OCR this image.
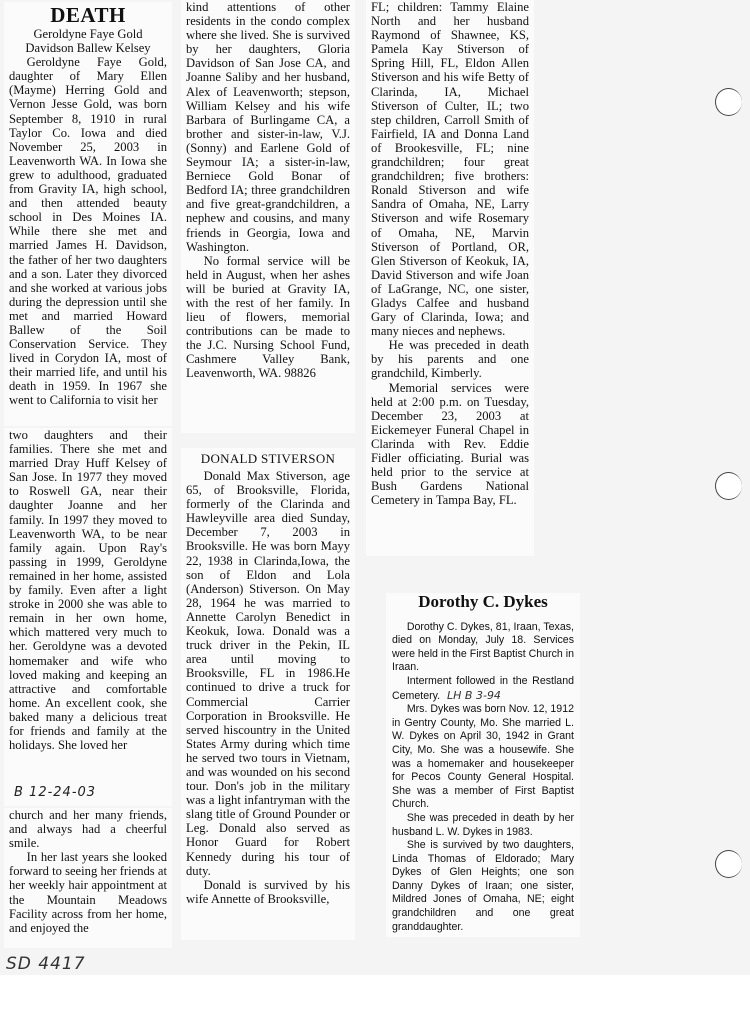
DEATH
Geroldyne Faye Gold
Davidson Ballew Kelsey

Geroldyne Faye Gold, daughter of Mary Ellen (Mayme) Herring Gold and Vernon Jesse Gold, was born September 8, 1910 in rural Taylor Co. Iowa and died November 25, 2003 in Leavenworth WA. In Iowa she grew to adulthood, graduated from Gravity IA, high school, and then attended beauty school in Des Moines IA. While there she met and married James H. Davidson, the father of her two daughters and a son. Later they divorced and she worked at various jobs during the depression until she met and married Howard Ballew of the Soil Conservation Service. They lived in Corydon IA, most of their married life, and until his death in 1959. In 1967 she went to California to visit her

two daughters and their families. There she met and married Dray Huff Kelsey of San Jose. In 1977 they moved to Roswell GA, near their daughter Joanne and her family. In 1997 they moved to Leavenworth WA, to be near family again. Upon Ray's passing in 1999, Geroldyne remained in her home, assisted by family. Even after a light stroke in 2000 she was able to remain in her own home, which mattered very much to her. Geroldyne was a devoted homemaker and wife who loved making and keeping an attractive and comfortable home. An excellent cook, she baked many a delicious treat for friends and family at the holidays. She loved her

B 12-24-03

church and her many friends, and always had a cheerful smile.

In her last years she looked forward to seeing her friends at her weekly hair appointment at the Mountain Meadows Facility across from her home, and enjoyed the

kind attentions of other residents in the condo complex where she lived. She is survived by her daughters, Gloria Davidson of San Jose CA, and Joanne Saliby and her husband, Alex of Leavenworth; stepson, William Kelsey and his wife Barbara of Burlingame CA, a brother and sister-in-law, V.J. (Sonny) and Earlene Gold of Seymour IA; a sister-in-law, Berniece Gold Bonar of Bedford IA; three grandchildren and five great-grandchildren, a nephew and cousins, and many friends in Georgia, Iowa and Washington.

No formal service will be held in August, when her ashes will be buried at Gravity IA, with the rest of her family. In lieu of flowers, memorial contributions can be made to the J.C. Nursing School Fund, Cashmere Valley Bank, Leavenworth, WA. 98826

DONALD STIVERSON

Donald Max Stiverson, age 65, of Brooksville, Florida, formerly of the Clarinda and Hawleyville area died Sunday, December 7, 2003 in Brooksville. He was born Mayy 22, 1938 in Clarinda,Iowa, the son of Eldon and Lola (Anderson) Stiverson. On May 28, 1964 he was married to Annette Carolyn Benedict in Keokuk, Iowa. Donald was a truck driver in the Pekin, IL area until moving to Brooksville, FL in 1986.He continued to drive a truck for Commercial Carrier Corporation in Brooksville. He served hiscountry in the United States Army during which time he served two tours in Vietnam, and was wounded on his second tour. Don's job in the military was a light infantryman with the slang title of Ground Pounder or Leg. Donald also served as Honor Guard for Robert Kennedy during his tour of duty.

Donald is survived by his wife Annette of Brooksville,

FL; children: Tammy Elaine North and her husband Raymond of Shawnee, KS, Pamela Kay Stiverson of Spring Hill, FL, Eldon Allen Stiverson and his wife Betty of Clarinda, IA, Michael Stiverson of Culter, IL; two step children, Carroll Smith of Fairfield, IA and Donna Land of Brookesville, FL; nine grandchildren; four great grandchildren; five brothers: Ronald Stiverson and wife Sandra of Omaha, NE, Larry Stiverson and wife Rosemary of Omaha, NE, Marvin Stiverson of Portland, OR, Glen Stiverson of Keokuk, IA, David Stiverson and wife Joan of LaGrange, NC, one sister, Gladys Calfee and husband Gary of Clarinda, Iowa; and many nieces and nephews.

He was preceded in death by his parents and one grandchild, Kimberly.

Memorial services were held at 2:00 p.m. on Tuesday, December 23, 2003 at Eickemeyer Funeral Chapel in Clarinda with Rev. Eddie Fidler officiating. Burial was held prior to the service at Bush Gardens National Cemetery in Tampa Bay, FL.

Dorothy C. Dykes

Dorothy C. Dykes, 81, Iraan, Texas, died on Monday, July 18. Services were held in the First Baptist Church in Iraan.

Interment followed in the Restland Cemetery. LH B 3-94

Mrs. Dykes was born Nov. 12, 1912 in Gentry County, Mo. She married L. W. Dykes on April 30, 1942 in Grant City, Mo. She was a housewife. She was a homemaker and housekeeper for Pecos County General Hospital. She was a member of First Baptist Church.

She was preceded in death by her husband L. W. Dykes in 1983.

She is survived by two daughters, Linda Thomas of Eldorado; Mary Dykes of Glen Heights; one son Danny Dykes of Iraan; one sister, Mildred Jones of Omaha, NE; eight grandchildren and one great granddaughter.

SD 4417
